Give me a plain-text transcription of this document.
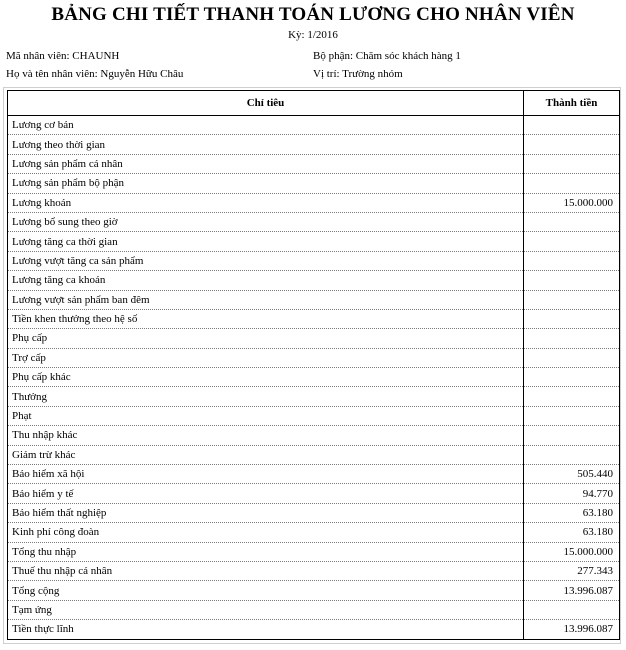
BẢNG CHI TIẾT THANH TOÁN LƯƠNG CHO NHÂN VIÊN
Kỳ: 1/2016
Mã nhân viên: CHAUNH
Họ và tên nhân viên: Nguyễn Hữu Châu
Bộ phận: Chăm sóc khách hàng 1
Vị trí: Trường nhóm
Chỉ tiêu	Thành tiền
Lương cơ bản	
Lương theo thời gian	
Lương sản phẩm cá nhân	
Lương sản phẩm bộ phận	
Lương khoán	15.000.000
Lương bổ sung theo giờ	
Lương tăng ca thời gian	
Lương vượt tăng ca sản phẩm	
Lương tăng ca khoán	
Lương vượt sản phẩm ban đêm	
Tiền khen thưởng theo hệ số	
Phụ cấp	
Trợ cấp	
Phụ cấp khác	
Thưởng	
Phạt	
Thu nhập khác	
Giảm trừ khác	
Bảo hiểm xã hội	505.440
Bảo hiểm y tế	94.770
Bảo hiểm thất nghiệp	63.180
Kinh phí công đoàn	63.180
Tổng thu nhập	15.000.000
Thuế thu nhập cá nhân	277.343
Tổng cộng	13.996.087
Tạm ứng	
Tiền thực lĩnh	13.996.087
